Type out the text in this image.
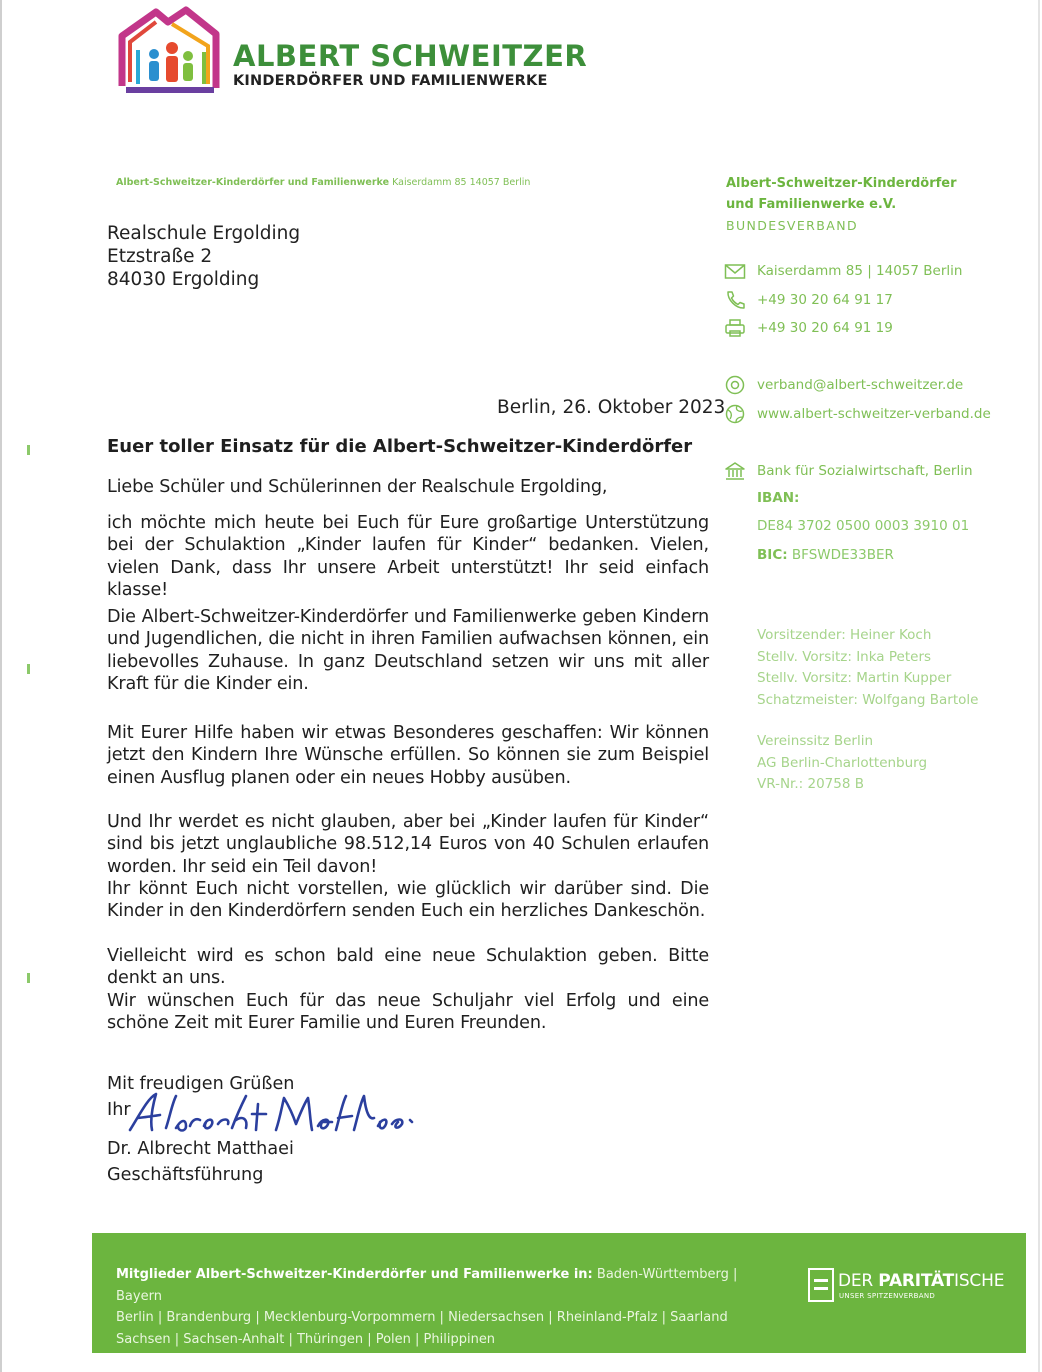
ALBERT SCHWEITZER
KINDERDÖRFER UND FAMILIENWERKE
Albert-Schweitzer-Kinderdörfer und Familienwerke Kaiserdamm 85 14057 Berlin
Realschule Ergolding
Etzstraße 2
84030 Ergolding
Albert-Schweitzer-Kinderdörfer
und Familienwerke e.V.
BUNDESVERBAND
Kaiserdamm 85 | 14057 Berlin
+49 30 20 64 91 17
+49 30 20 64 91 19
verband@albert-schweitzer.de
www.albert-schweitzer-verband.de
Bank für Sozialwirtschaft, Berlin
IBAN:
DE84 3702 0500 0003 3910 01
BIC: BFSWDE33BER
Vorsitzender: Heiner Koch
Stellv. Vorsitz: Inka Peters
Stellv. Vorsitz: Martin Kupper
Schatzmeister: Wolfgang Bartole
Vereinssitz Berlin
AG Berlin-Charlottenburg
VR-Nr.: 20758 B
Berlin, 26. Oktober 2023
Euer toller Einsatz für die Albert-Schweitzer-Kinderdörfer

Liebe Schüler und Schülerinnen der Realschule Ergolding,

ich möchte mich heute bei Euch für Eure großartige Unterstützung bei der Schulaktion „Kinder laufen für Kinder“ bedanken. Vielen, vielen Dank, dass Ihr unsere Arbeit unterstützt! Ihr seid einfach klasse!

Die Albert-Schweitzer-Kinderdörfer und Familienwerke geben Kindern und Jugendlichen, die nicht in ihren Familien aufwachsen können, ein liebevolles Zuhause. In ganz Deutschland setzen wir uns mit aller Kraft für die Kinder ein.

Mit Eurer Hilfe haben wir etwas Besonderes geschaffen: Wir können jetzt den Kindern Ihre Wünsche erfüllen. So können sie zum Beispiel einen Ausflug planen oder ein neues Hobby ausüben.

Und Ihr werdet es nicht glauben, aber bei „Kinder laufen für Kinder“ sind bis jetzt unglaubliche 98.512,14 Euros von 40 Schulen erlaufen worden. Ihr seid ein Teil davon!

Ihr könnt Euch nicht vorstellen, wie glücklich wir darüber sind. Die Kinder in den Kinderdörfern senden Euch ein herzliches Dankeschön.

Vielleicht wird es schon bald eine neue Schulaktion geben. Bitte denkt an uns.

Wir wünschen Euch für das neue Schuljahr viel Erfolg und eine schöne Zeit mit Eurer Familie und Euren Freunden.

Mit freudigen Grüßen
Ihr
Dr. Albrecht Matthaei
Geschäftsführung
Mitglieder Albert-Schweitzer-Kinderdörfer und Familienwerke in: Baden-Württemberg | Bayern
Berlin | Brandenburg | Mecklenburg-Vorpommern | Niedersachsen | Rheinland-Pfalz | Saarland
Sachsen | Sachsen-Anhalt | Thüringen | Polen | Philippinen
DER PARITÄTISCHE
UNSER SPITZENVERBAND
